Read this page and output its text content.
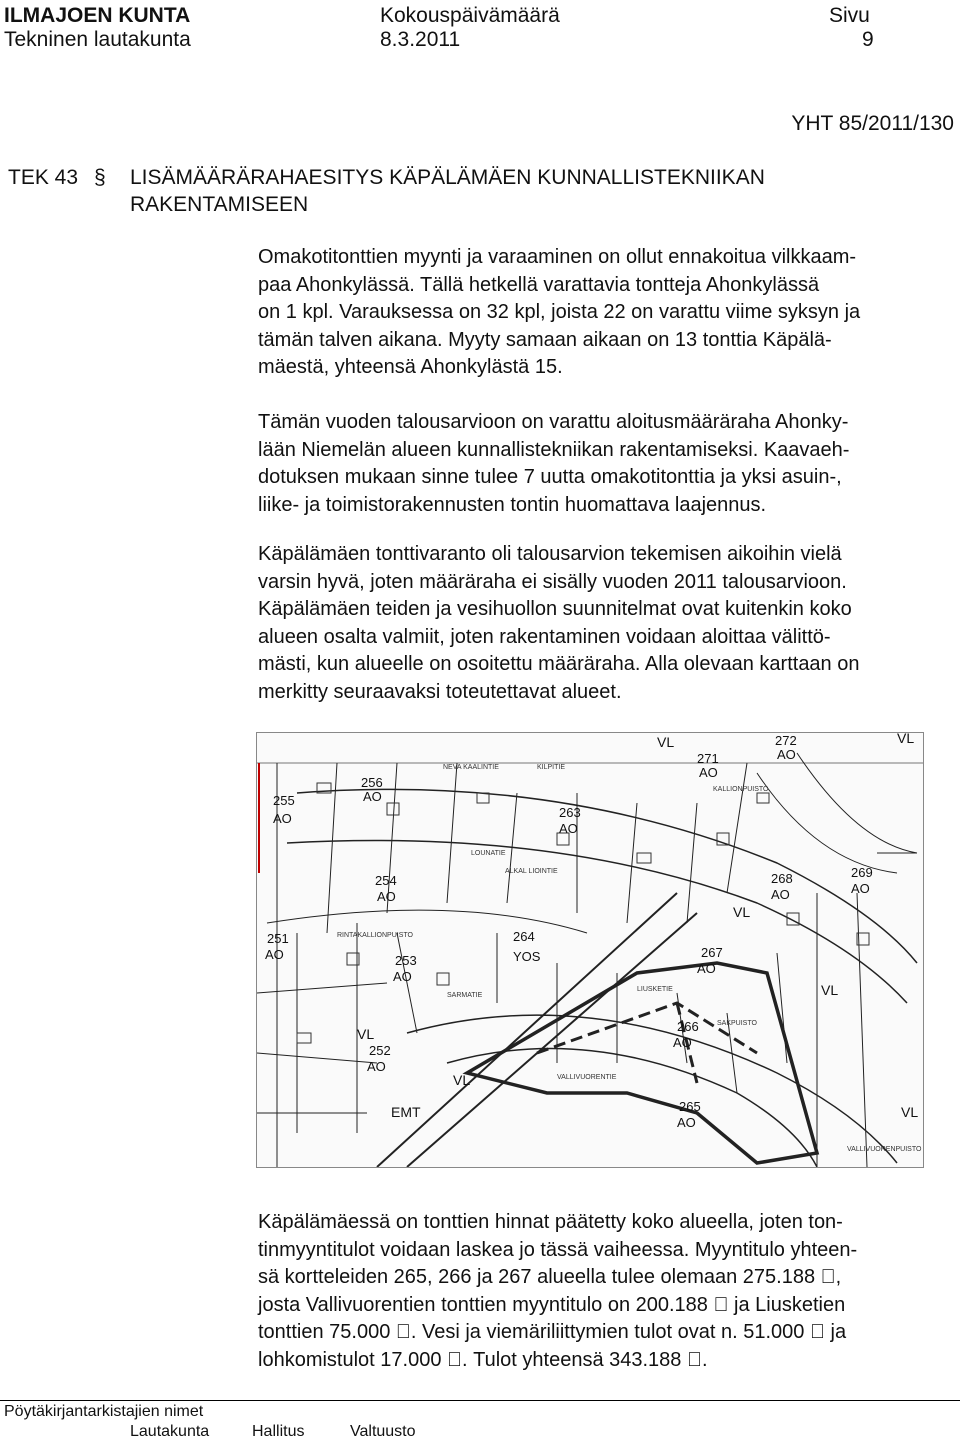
ILMAJOEN KUNTA
Tekninen lautakunta
Kokouspäivämäärä
8.3.2011
Sivu
9
YHT 85/2011/130
TEK 43 § LISÄMÄÄRÄRAHAESITYS KÄPÄLÄMÄEN KUNNALLISTEKNIIKAN
RAKENTAMISEEN
Omakotitonttien myynti ja varaaminen on ollut ennakoitua vilkkaam-
paa Ahonkylässä. Tällä hetkellä varattavia tontteja Ahonkylässä
on 1 kpl. Varauksessa on 32 kpl, joista 22 on varattu viime syksyn ja
tämän talven aikana. Myyty samaan aikaan on 13 tonttia Käpälä-
mäestä, yhteensä Ahonkylästä 15.
Tämän vuoden talousarvioon on varattu aloitusmääräraha Ahonky-
lään Niemelän alueen kunnallistekniikan rakentamiseksi. Kaavaeh-
dotuksen mukaan sinne tulee 7 uutta omakotitonttia ja yksi asuin-,
liike- ja toimistorakennusten tontin huomattava laajennus.
Käpälämäen tonttivaranto oli talousarvion tekemisen aikoihin vielä
varsin hyvä, joten määräraha ei sisälly vuoden 2011 talousarvioon.
Käpälämäen teiden ja vesihuollon suunnitelmat ovat kuitenkin koko
alueen osalta valmiit, joten rakentaminen voidaan aloittaa välittö-
mästi, kun alueelle on osoitettu määräraha. Alla olevaan karttaan on
merkitty seuraavaksi toteutettavat alueet.
272
AO
271
AO
256
AO
255
AO	263
AO
254
AO
268
AO
269
AO
251
AO
264
YOS
253
AO
267
AO
266
AO
252
AO
265
AO
VL	VL
VL
VL
VL
VL
VL
EMT
NEVA KAALINTIE	KILPITIE
KALLIONPUISTO
LOUNATIE
ALKAL LIOINTIE
RINTAKALLIONPUISTO
SARMATIE
LIUSKETIE
SAKPUISTO
VALLIVUORENTIE
VALLIVUORENPUISTO
Käpälämäessä on tonttien hinnat päätetty koko alueella, joten ton-
tinmyyntitulot voidaan laskea jo tässä vaiheessa. Myyntitulo yhteen-
sä kortteleiden 265, 266 ja 267 alueella tulee olemaan 275.188 ,
josta Vallivuorentien tonttien myyntitulo on 200.188 ja Liusketien
tonttien 75.000 . Vesi ja viemäriliittymien tulot ovat n. 51.000 ja
lohkomistulot 17.000 . Tulot yhteensä 343.188 .
Pöytäkirjantarkistajien nimet
Lautakunta	Hallitus	Valtuusto
